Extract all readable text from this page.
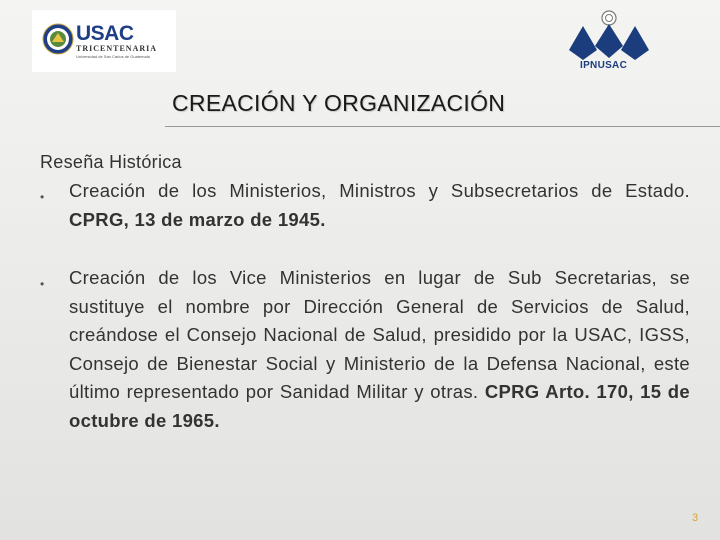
USAC
TRICENTENARIA
Universidad de San Carlos de Guatemala
IPNUSAC
CREACIÓN Y ORGANIZACIÓN
Reseña Histórica
• Creación de los Ministerios, Ministros y Subsecretarios de Estado. CPRG, 13 de marzo de 1945.
• Creación de los Vice Ministerios en lugar de Sub Secretarias, se sustituye el nombre por Dirección General de Servicios de Salud, creándose el Consejo Nacional de Salud, presidido por la USAC, IGSS, Consejo de Bienestar Social y Ministerio de la Defensa Nacional, este último representado por Sanidad Militar y otras. CPRG Arto. 170, 15 de octubre de 1965.
3
